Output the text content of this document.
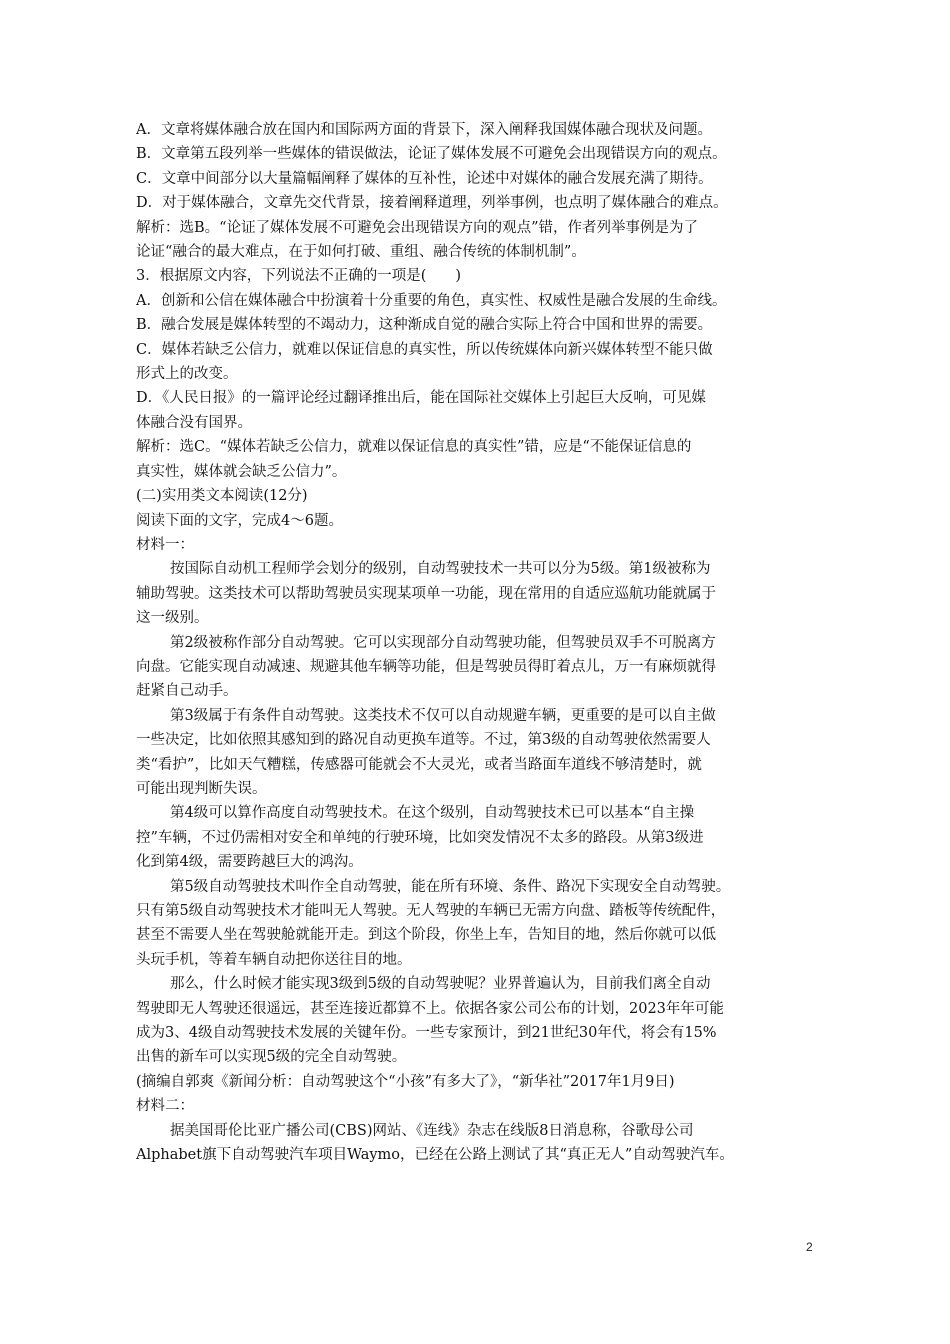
A．文章将媒体融合放在国内和国际两方面的背景下，深入阐释我国媒体融合现状及问题。
B．文章第五段列举一些媒体的错误做法，论证了媒体发展不可避免会出现错误方向的观点。
C．文章中间部分以大量篇幅阐释了媒体的互补性，论述中对媒体的融合发展充满了期待。
D．对于媒体融合，文章先交代背景，接着阐释道理，列举事例，也点明了媒体融合的难点。
解析：选B。“论证了媒体发展不可避免会出现错误方向的观点”错，作者列举事例是为了
论证“融合的最大难点，在于如何打破、重组、融合传统的体制机制”。
3．根据原文内容，下列说法不正确的一项是(　　)
A．创新和公信在媒体融合中扮演着十分重要的角色，真实性、权威性是融合发展的生命线。
B．融合发展是媒体转型的不竭动力，这种渐成自觉的融合实际上符合中国和世界的需要。
C．媒体若缺乏公信力，就难以保证信息的真实性，所以传统媒体向新兴媒体转型不能只做
形式上的改变。
D．《人民日报》的一篇评论经过翻译推出后，能在国际社交媒体上引起巨大反响，可见媒
体融合没有国界。
解析：选C。“媒体若缺乏公信力，就难以保证信息的真实性”错，应是“不能保证信息的
真实性，媒体就会缺乏公信力”。
(二)实用类文本阅读(12分)
阅读下面的文字，完成4～6题。
材料一：
按国际自动机工程师学会划分的级别，自动驾驶技术一共可以分为5级。第1级被称为
辅助驾驶。这类技术可以帮助驾驶员实现某项单一功能，现在常用的自适应巡航功能就属于
这一级别。
第2级被称作部分自动驾驶。它可以实现部分自动驾驶功能，但驾驶员双手不可脱离方
向盘。它能实现自动减速、规避其他车辆等功能，但是驾驶员得盯着点儿，万一有麻烦就得
赶紧自己动手。
第3级属于有条件自动驾驶。这类技术不仅可以自动规避车辆，更重要的是可以自主做
一些决定，比如依照其感知到的路况自动更换车道等。不过，第3级的自动驾驶依然需要人
类“看护”，比如天气糟糕，传感器可能就会不大灵光，或者当路面车道线不够清楚时，就
可能出现判断失误。
第4级可以算作高度自动驾驶技术。在这个级别，自动驾驶技术已可以基本“自主操
控”车辆，不过仍需相对安全和单纯的行驶环境，比如突发情况不太多的路段。从第3级进
化到第4级，需要跨越巨大的鸿沟。
第5级自动驾驶技术叫作全自动驾驶，能在所有环境、条件、路况下实现安全自动驾驶。
只有第5级自动驾驶技术才能叫无人驾驶。无人驾驶的车辆已无需方向盘、踏板等传统配件，
甚至不需要人坐在驾驶舱就能开走。到这个阶段，你坐上车，告知目的地，然后你就可以低
头玩手机，等着车辆自动把你送往目的地。
那么，什么时候才能实现3级到5级的自动驾驶呢？业界普遍认为，目前我们离全自动
驾驶即无人驾驶还很遥远，甚至连接近都算不上。依据各家公司公布的计划，2023年年可能
成为3、4级自动驾驶技术发展的关键年份。一些专家预计，到21世纪30年代，将会有15%
出售的新车可以实现5级的完全自动驾驶。
(摘编自郭爽《新闻分析：自动驾驶这个“小孩”有多大了》，“新华社”2017年1月9日)
材料二：
据美国哥伦比亚广播公司(CBS)网站、《连线》杂志在线版8日消息称，谷歌母公司
Alphabet旗下自动驾驶汽车项目Waymo，已经在公路上测试了其“真正无人”自动驾驶汽车。
2
